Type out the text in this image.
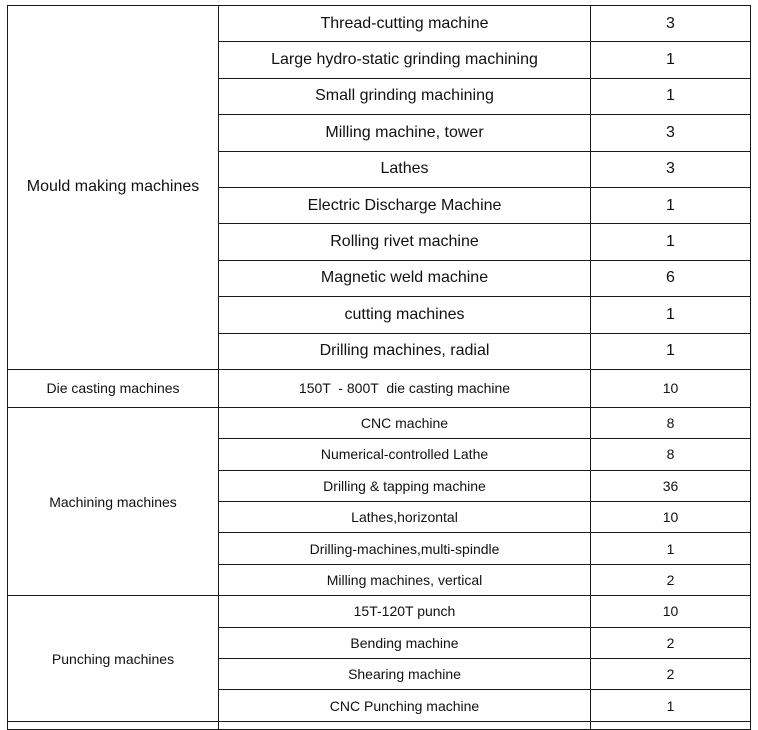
Mould making machines	Thread-cutting machine	3
	Large hydro-static grinding machining	1
	Small grinding machining	1
	Milling machine, tower	3
	Lathes	3
	Electric Discharge Machine	1
	Rolling rivet machine	1
	Magnetic weld machine	6
	cutting machines	1
	Drilling machines, radial	1
Die casting machines	150T  - 800T  die casting machine	10
Machining machines	CNC machine	8
	Numerical-controlled Lathe	8
	Drilling & tapping machine	36
	Lathes,horizontal	10
	Drilling-machines,multi-spindle	1
	Milling machines, vertical	2
Punching machines	15T-120T punch	10
	Bending machine	2
	Shearing machine	2
	CNC Punching machine	1
